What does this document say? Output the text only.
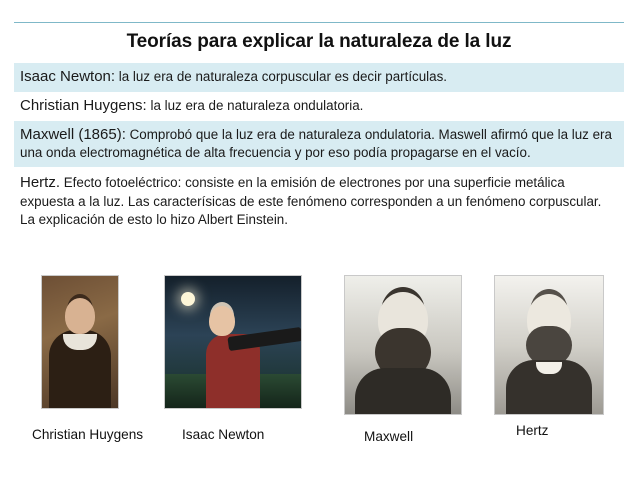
Teorías para explicar la naturaleza de la luz
Isaac Newton: la luz era de naturaleza corpuscular es decir partículas.
Christian Huygens: la luz era de naturaleza ondulatoria.
Maxwell (1865): Comprobó que la luz era de naturaleza ondulatoria. Maswell afirmó que la luz era una onda electromagnética de alta frecuencia y por eso podía propagarse en el vacío.
Hertz. Efecto fotoeléctrico: consiste en la emisión de electrones por una superficie metálica expuesta a la luz. Las caracterísicas de este fenómeno corresponden a un fenómeno corpuscular. La explicación de esto lo hizo Albert Einstein.
Christian Huygens	Isaac Newton	Maxwell	Hertz
